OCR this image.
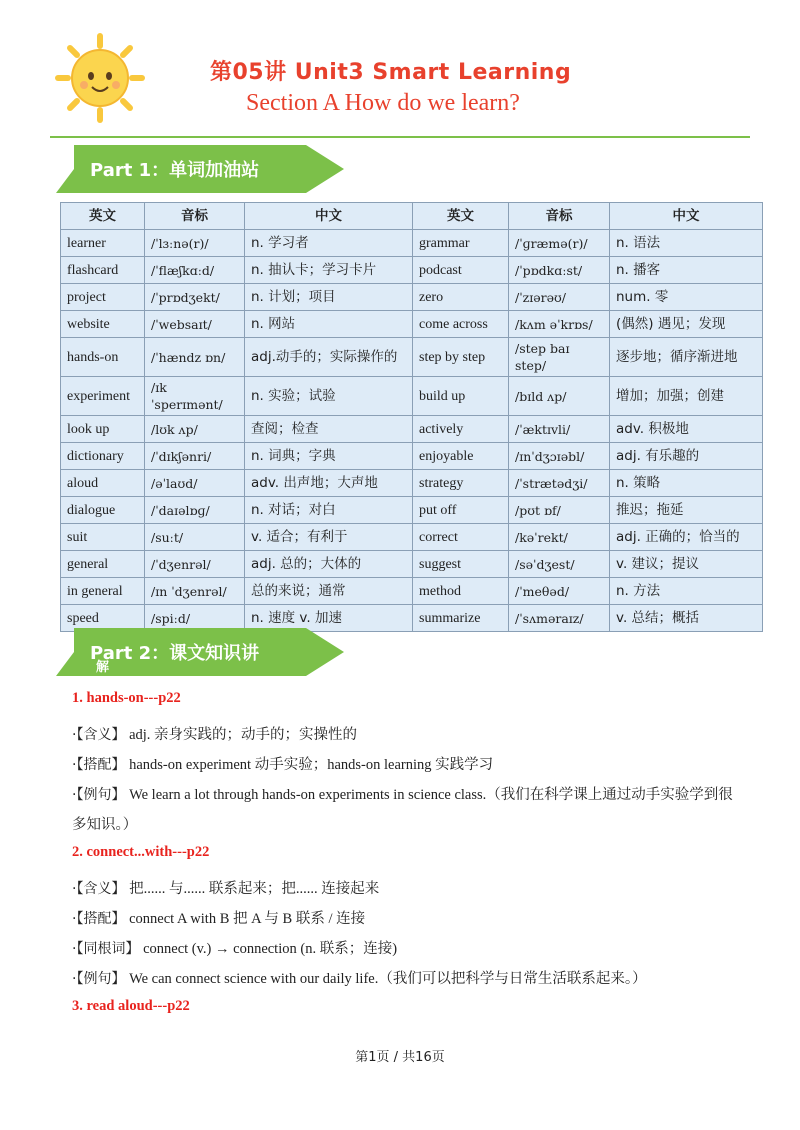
第05讲 Unit3 Smart Learning
Section A How do we learn?
Part 1：单词加油站
英文	音标	中文	英文	音标	中文
learner	/ˈlɜːnə(r)/	n. 学习者	grammar	/ˈɡræmə(r)/	n. 语法
flashcard	/ˈflæʃkɑːd/	n. 抽认卡；学习卡片	podcast	/ˈpɒdkɑːst/	n. 播客
project	/ˈprɒdʒekt/	n. 计划；项目	zero	/ˈzɪərəʊ/	num. 零
website	/ˈwebsaɪt/	n. 网站	come across	/kʌm əˈkrɒs/	(偶然) 遇见；发现
hands-on	/ˈhændz ɒn/	adj.动手的；实际操作的	step by step	/step baɪ step/	逐步地；循序渐进地
experiment	/ɪkˈsperɪmənt/	n. 实验；试验	build up	/bɪld ʌp/	增加；加强；创建
look up	/lʊk ʌp/	查阅；检查	actively	/ˈæktɪvli/	adv. 积极地
dictionary	/ˈdɪkʃənri/	n. 词典；字典	enjoyable	/ɪnˈdʒɔɪəbl/	adj. 有乐趣的
aloud	/əˈlaʊd/	adv. 出声地；大声地	strategy	/ˈstrætədʒi/	n. 策略
dialogue	/ˈdaɪəlɒɡ/	n. 对话；对白	put off	/pʊt ɒf/	推迟；拖延
suit	/suːt/	v. 适合；有利于	correct	/kəˈrekt/	adj. 正确的；恰当的
general	/ˈdʒenrəl/	adj. 总的；大体的	suggest	/səˈdʒest/	v. 建议；提议
in general	/ɪn ˈdʒenrəl/	总的来说；通常	method	/ˈmeθəd/	n. 方法
speed	/spiːd/	n. 速度 v. 加速	summarize	/ˈsʌməraɪz/	v. 总结；概括
Part 2：课文知识讲
解
1. hands-on---p22
·【含义】 adj. 亲身实践的；动手的；实操性的
·【搭配】 hands-on experiment 动手实验；hands-on learning 实践学习
·【例句】 We learn a lot through hands-on experiments in science class.（我们在科学课上通过动手实验学到很多知识。）
2. connect...with---p22
·【含义】 把...... 与...... 联系起来；把...... 连接起来
·【搭配】 connect A with B 把 A 与 B 联系 / 连接
·【同根词】 connect (v.) → connection (n. 联系；连接)
·【例句】 We can connect science with our daily life.（我们可以把科学与日常生活联系起来。）
3. read aloud---p22
第1页 / 共16页
